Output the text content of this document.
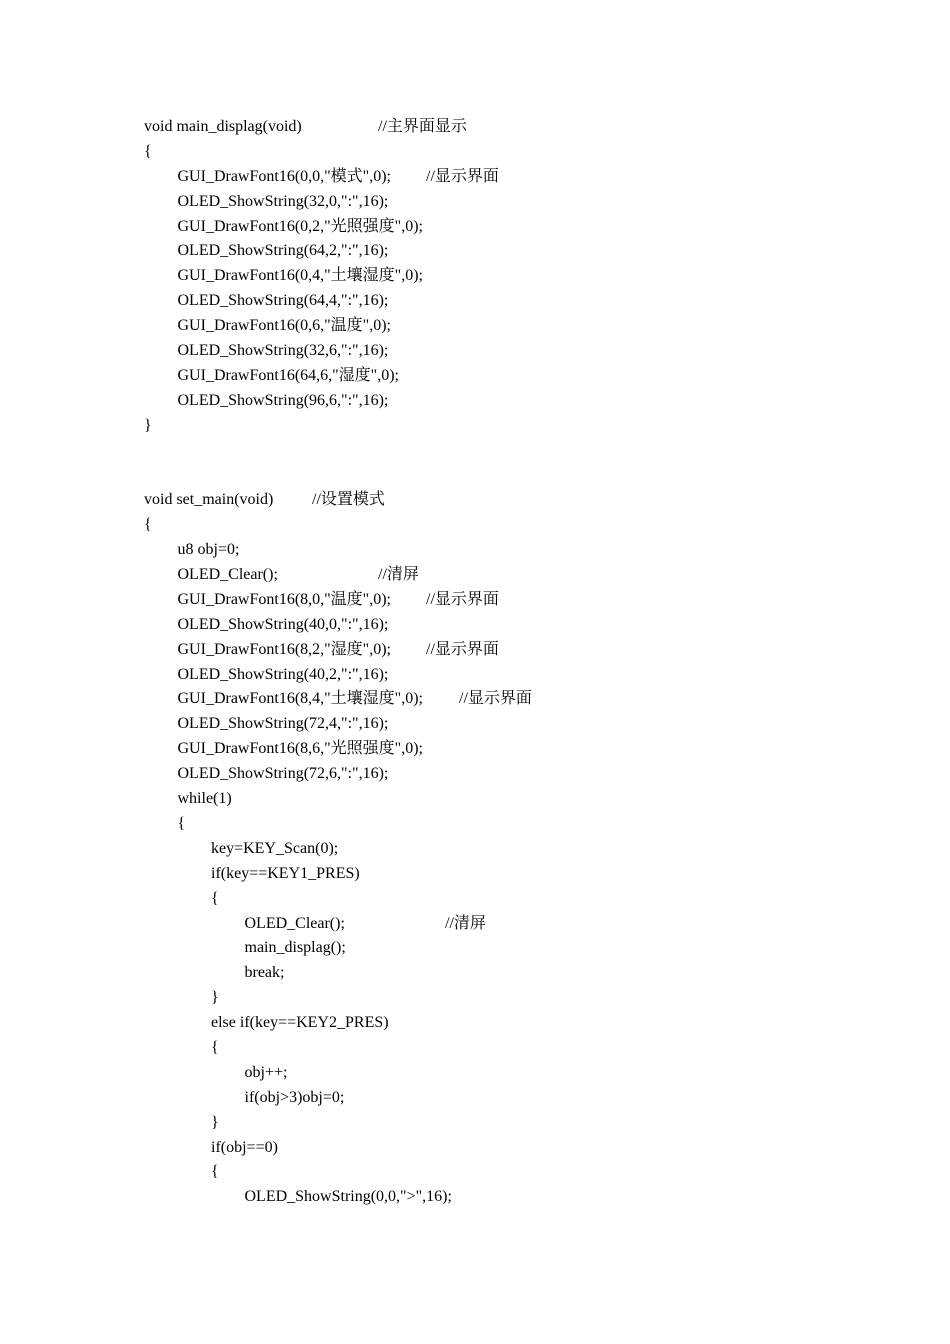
void main_displag(void)	//主界面显示
{
GUI_DrawFont16(0,0,"模式",0); //显示界面
OLED_ShowString(32,0,":",16);
GUI_DrawFont16(0,2,"光照强度",0);
OLED_ShowString(64,2,":",16);
GUI_DrawFont16(0,4,"土壤湿度",0);
OLED_ShowString(64,4,":",16);
GUI_DrawFont16(0,6,"温度",0);
OLED_ShowString(32,6,":",16);
GUI_DrawFont16(64,6,"湿度",0);
OLED_ShowString(96,6,":",16);
}
void set_main(void) //设置模式
{
u8 obj=0;
OLED_Clear();	//清屏
GUI_DrawFont16(8,0,"温度",0); //显示界面
OLED_ShowString(40,0,":",16);
GUI_DrawFont16(8,2,"湿度",0); //显示界面
OLED_ShowString(40,2,":",16);
GUI_DrawFont16(8,4,"土壤湿度",0); //显示界面
OLED_ShowString(72,4,":",16);
GUI_DrawFont16(8,6,"光照强度",0);
OLED_ShowString(72,6,":",16);
while(1)
{
key=KEY_Scan(0);
if(key==KEY1_PRES)
{
OLED_Clear();	//清屏
main_displag();
break;
}
else if(key==KEY2_PRES)
{
obj++;
if(obj>3)obj=0;
}
if(obj==0)
{
OLED_ShowString(0,0,">",16);
